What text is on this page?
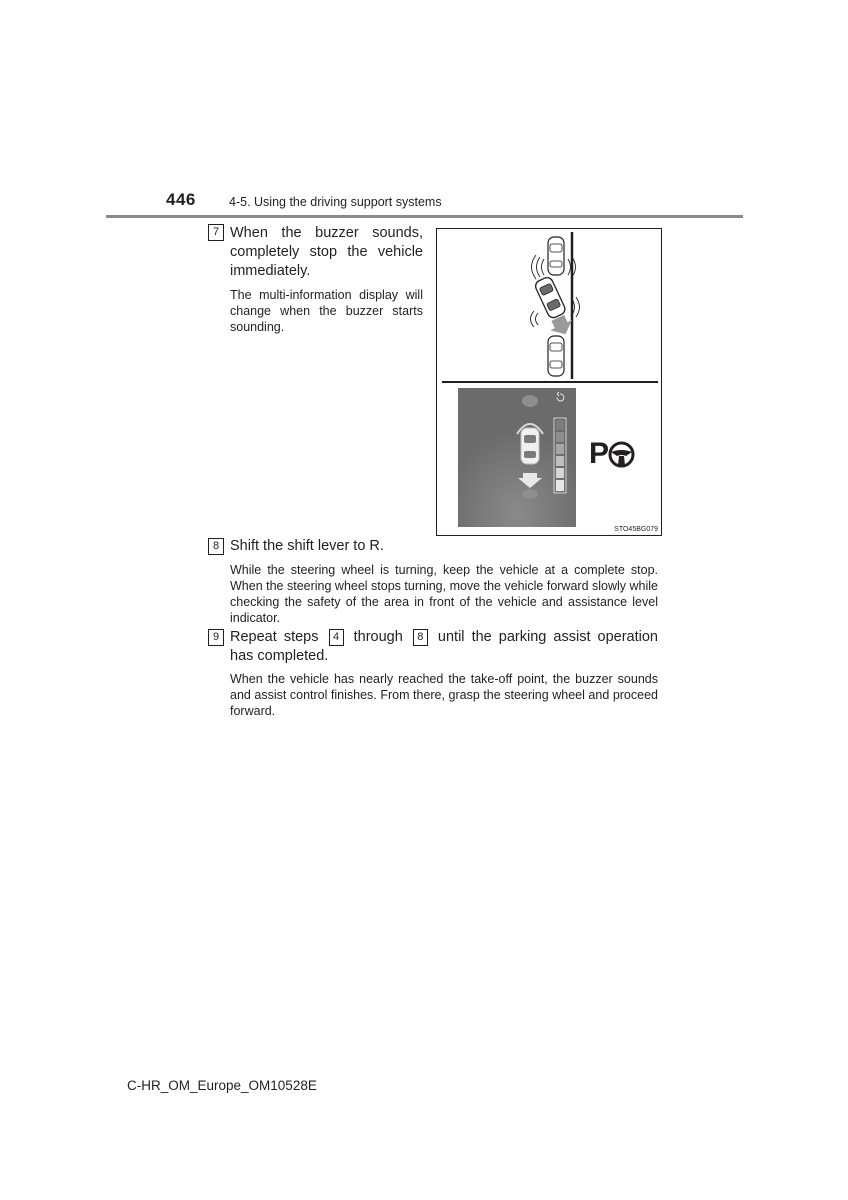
446	4-5. Using the driving support systems
7 When the buzzer sounds, completely stop the vehicle immediately.
The multi-information display will change when the buzzer starts sounding.
P
STO45BG079
8 Shift the shift lever to R.
While the steering wheel is turning, keep the vehicle at a complete stop. When the steering wheel stops turning, move the vehicle forward slowly while checking the safety of the area in front of the vehicle and assistance level indicator.
9 Repeat steps 4 through 8 until the parking assist operation has completed.
When the vehicle has nearly reached the take-off point, the buzzer sounds and assist control finishes. From there, grasp the steering wheel and proceed forward.
C-HR_OM_Europe_OM10528E
